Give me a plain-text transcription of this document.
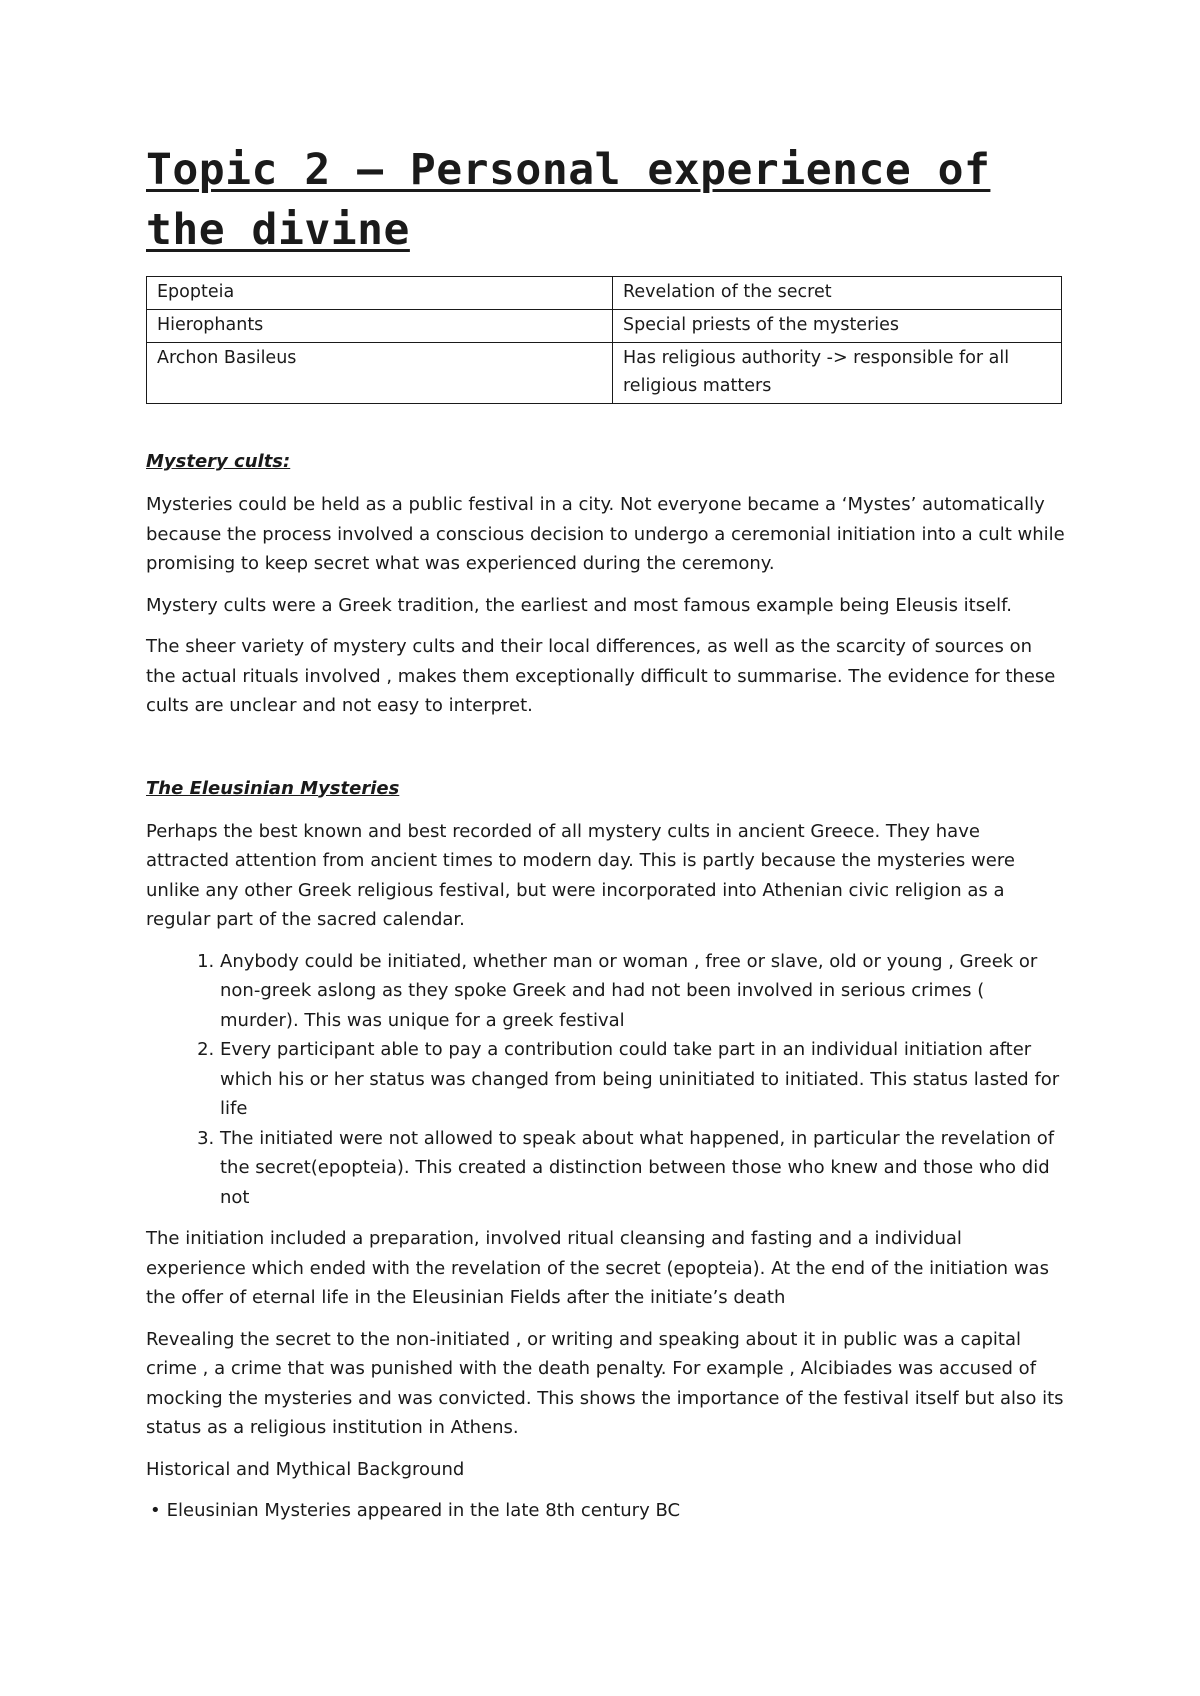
Topic 2 – Personal experience of the divine
Epopteia	Revelation of the secret
Hierophants	Special priests of the mysteries
Archon Basileus	Has religious authority -> responsible for all religious matters
Mystery cults:

Mysteries could be held as a public festival in a city. Not everyone became a ‘Mystes’ automatically because the process involved a conscious decision to undergo a ceremonial initiation into a cult while promising to keep secret what was experienced during the ceremony.

Mystery cults were a Greek tradition, the earliest and most famous example being Eleusis itself.

The sheer variety of mystery cults and their local differences, as well as the scarcity of sources on the actual rituals involved , makes them exceptionally difficult to summarise. The evidence for these cults are unclear and not easy to interpret.

The Eleusinian Mysteries

Perhaps the best known and best recorded of all mystery cults in ancient Greece. They have attracted attention from ancient times to modern day. This is partly because the mysteries were unlike any other Greek religious festival, but were incorporated into Athenian civic religion as a regular part of the sacred calendar.

1. Anybody could be initiated, whether man or woman , free or slave, old or young , Greek or non-greek aslong as they spoke Greek and had not been involved in serious crimes ( murder). This was unique for a greek festival
2. Every participant able to pay a contribution could take part in an individual initiation after which his or her status was changed from being uninitiated to initiated. This status lasted for life
3. The initiated were not allowed to speak about what happened, in particular the revelation of the secret(epopteia). This created a distinction between those who knew and those who did not

The initiation included a preparation, involved ritual cleansing and fasting and a individual experience which ended with the revelation of the secret (epopteia). At the end of the initiation was the offer of eternal life in the Eleusinian Fields after the initiate’s death

Revealing the secret to the non-initiated , or writing and speaking about it in public was a capital crime , a crime that was punished with the death penalty. For example , Alcibiades was accused of mocking the mysteries and was convicted. This shows the importance of the festival itself but also its status as a religious institution in Athens.

Historical and Mythical Background
• Eleusinian Mysteries appeared in the late 8th century BC
